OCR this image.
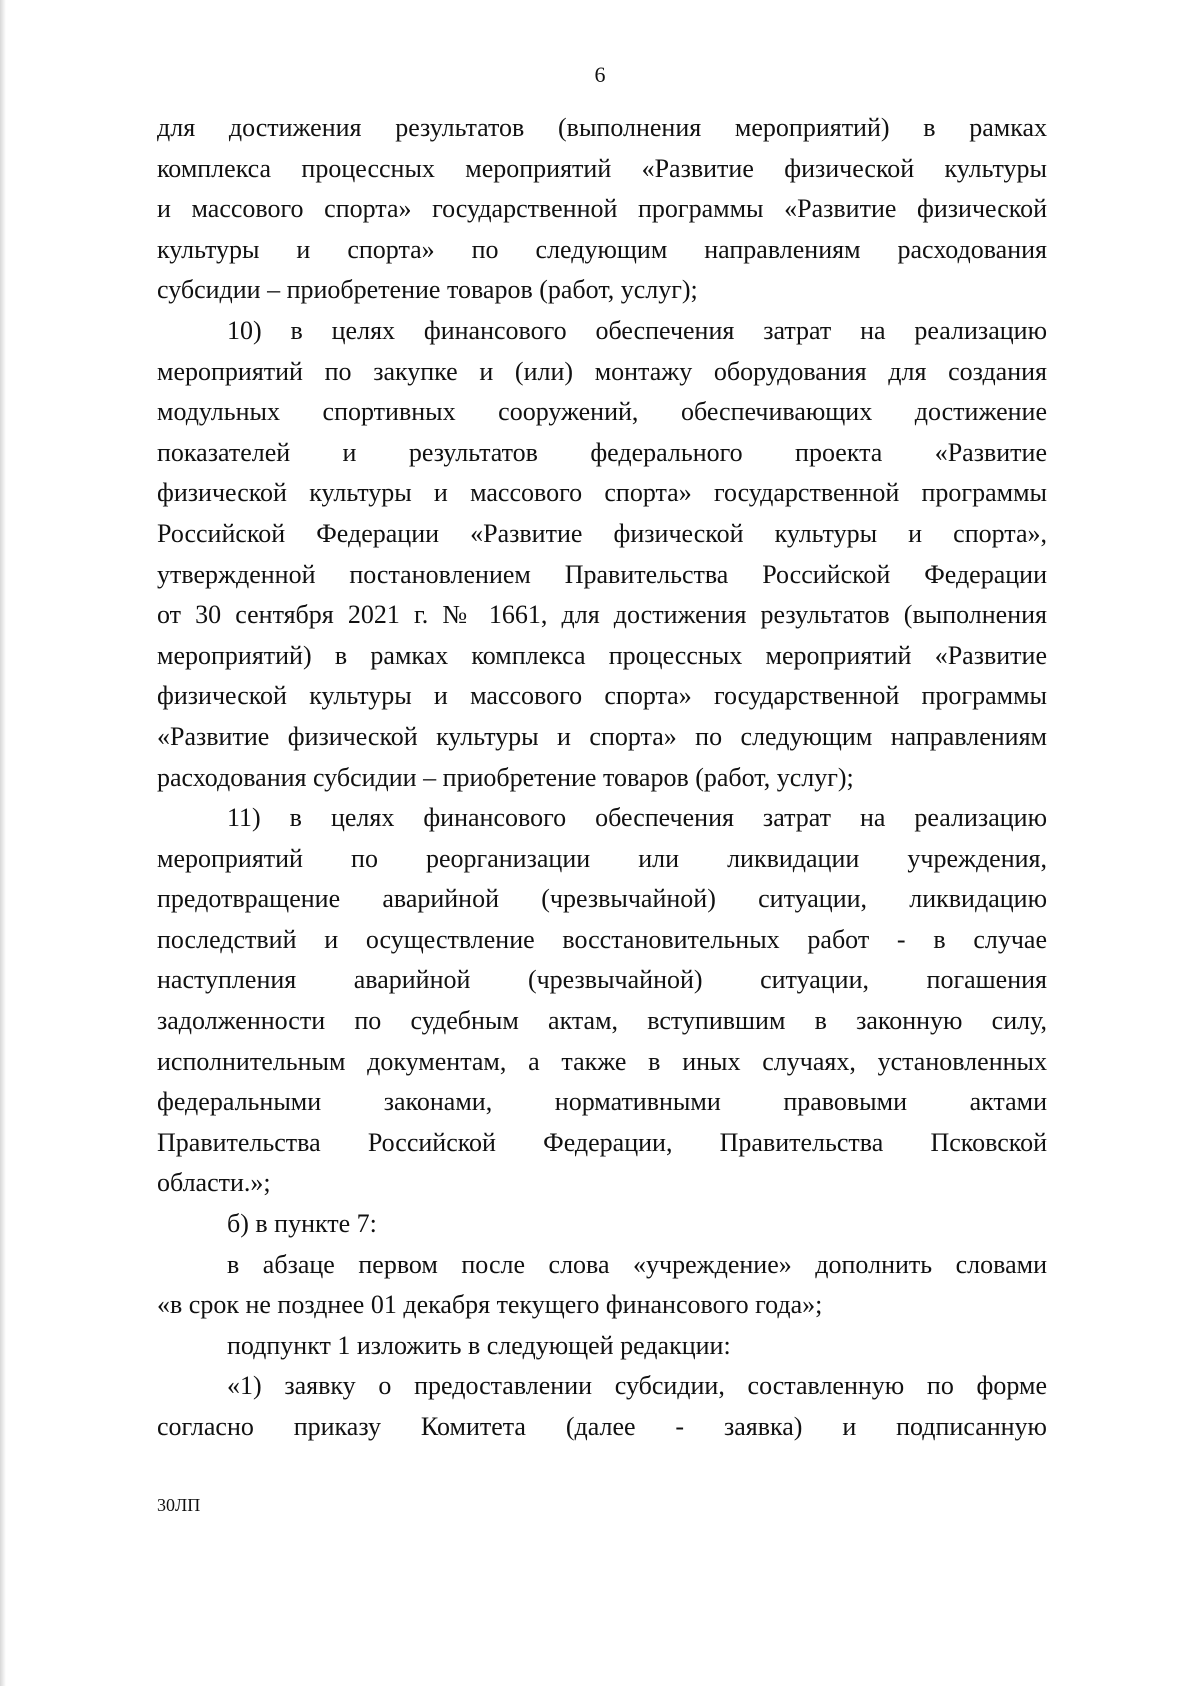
6
для достижения результатов (выполнения мероприятий) в рамках
комплекса процессных мероприятий «Развитие физической культуры
и массового спорта» государственной программы «Развитие физической
культуры и спорта» по следующим направлениям расходования
субсидии – приобретение товаров (работ, услуг);
10) в целях финансового обеспечения затрат на реализацию
мероприятий по закупке и (или) монтажу оборудования для создания
модульных спортивных сооружений, обеспечивающих достижение
показателей и результатов федерального проекта «Развитие
физической культуры и массового спорта» государственной программы
Российской Федерации «Развитие физической культуры и спорта»,
утвержденной постановлением Правительства Российской Федерации
от 30 сентября 2021 г. № 1661, для достижения результатов (выполнения
мероприятий) в рамках комплекса процессных мероприятий «Развитие
физической культуры и массового спорта» государственной программы
«Развитие физической культуры и спорта» по следующим направлениям
расходования субсидии – приобретение товаров (работ, услуг);
11) в целях финансового обеспечения затрат на реализацию
мероприятий по реорганизации или ликвидации учреждения,
предотвращение аварийной (чрезвычайной) ситуации, ликвидацию
последствий и осуществление восстановительных работ - в случае
наступления аварийной (чрезвычайной) ситуации, погашения
задолженности по судебным актам, вступившим в законную силу,
исполнительным документам, а также в иных случаях, установленных
федеральными законами, нормативными правовыми актами
Правительства Российской Федерации, Правительства Псковской
области.»;
б) в пункте 7:
в абзаце первом после слова «учреждение» дополнить словами
«в срок не позднее 01 декабря текущего финансового года»;
подпункт 1 изложить в следующей редакции:
«1) заявку о предоставлении субсидии, составленную по форме
согласно приказу Комитета (далее - заявка) и подписанную
30ЛП
